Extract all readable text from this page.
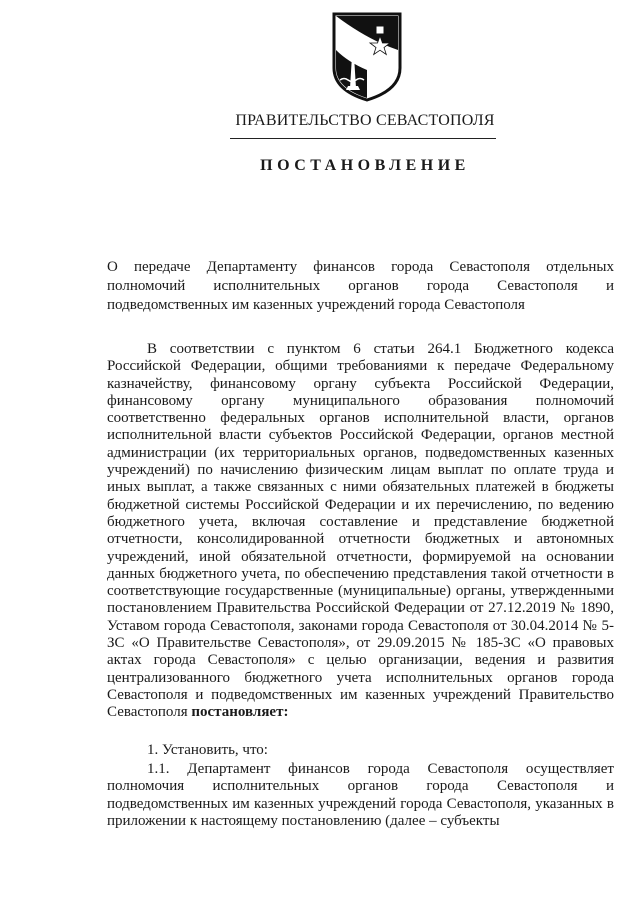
ПРАВИТЕЛЬСТВО СЕВАСТОПОЛЯ
ПОСТАНОВЛЕНИЕ
О передаче Департаменту финансов города Севастополя отдельных полномочий исполнительных органов города Севастополя и подведомственных им казенных учреждений города Севастополя

В соответствии с пунктом 6 статьи 264.1 Бюджетного кодекса Российской Федерации, общими требованиями к передаче Федеральному казначейству, финансовому органу субъекта Российской Федерации, финансовому органу муниципального образования полномочий соответственно федеральных органов исполнительной власти, органов исполнительной власти субъектов Российской Федерации, органов местной администрации (их территориальных органов, подведомственных казенных учреждений) по начислению физическим лицам выплат по оплате труда и иных выплат, а также связанных с ними обязательных платежей в бюджеты бюджетной системы Российской Федерации и их перечислению, по ведению бюджетного учета, включая составление и представление бюджетной отчетности, консолидированной отчетности бюджетных и автономных учреждений, иной обязательной отчетности, формируемой на основании данных бюджетного учета, по обеспечению представления такой отчетности в соответствующие государственные (муниципальные) органы, утвержденными постановлением Правительства Российской Федерации от 27.12.2019 № 1890, Уставом города Севастополя, законами города Севастополя от 30.04.2014 № 5-ЗС «О Правительстве Севастополя», от 29.09.2015 № 185-ЗС «О правовых актах города Севастополя» с целью организации, ведения и развития централизованного бюджетного учета исполнительных органов города Севастополя и подведомственных им казенных учреждений Правительство Севастополя постановляет:

1. Установить, что:

1.1. Департамент финансов города Севастополя осуществляет полномочия исполнительных органов города Севастополя и подведомственных им казенных учреждений города Севастополя, указанных в приложении к настоящему постановлению (далее – субъекты
